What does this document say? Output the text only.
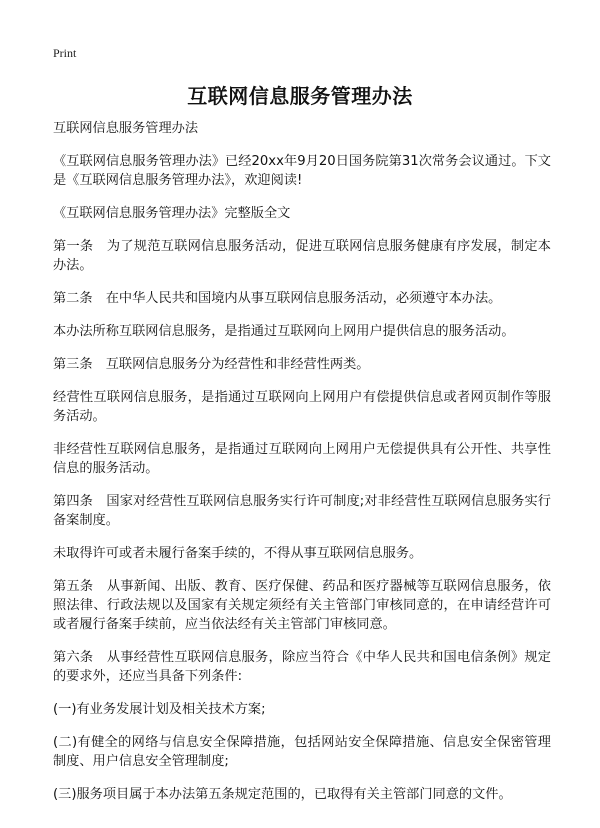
Print
互联网信息服务管理办法

互联网信息服务管理办法

《互联网信息服务管理办法》已经20xx年9月20日国务院第31次常务会议通过。下文是《互联网信息服务管理办法》，欢迎阅读!

《互联网信息服务管理办法》完整版全文

第一条　为了规范互联网信息服务活动，促进互联网信息服务健康有序发展，制定本办法。

第二条　在中华人民共和国境内从事互联网信息服务活动，必须遵守本办法。

本办法所称互联网信息服务，是指通过互联网向上网用户提供信息的服务活动。

第三条　互联网信息服务分为经营性和非经营性两类。

经营性互联网信息服务，是指通过互联网向上网用户有偿提供信息或者网页制作等服务活动。

非经营性互联网信息服务，是指通过互联网向上网用户无偿提供具有公开性、共享性信息的服务活动。

第四条　国家对经营性互联网信息服务实行许可制度;对非经营性互联网信息服务实行备案制度。

未取得许可或者未履行备案手续的，不得从事互联网信息服务。

第五条　从事新闻、出版、教育、医疗保健、药品和医疗器械等互联网信息服务，依照法律、行政法规以及国家有关规定须经有关主管部门审核同意的，在申请经营许可或者履行备案手续前，应当依法经有关主管部门审核同意。

第六条　从事经营性互联网信息服务，除应当符合《中华人民共和国电信条例》规定的要求外，还应当具备下列条件:

(一)有业务发展计划及相关技术方案;

(二)有健全的网络与信息安全保障措施，包括网站安全保障措施、信息安全保密管理制度、用户信息安全管理制度;

(三)服务项目属于本办法第五条规定范围的，已取得有关主管部门同意的文件。
